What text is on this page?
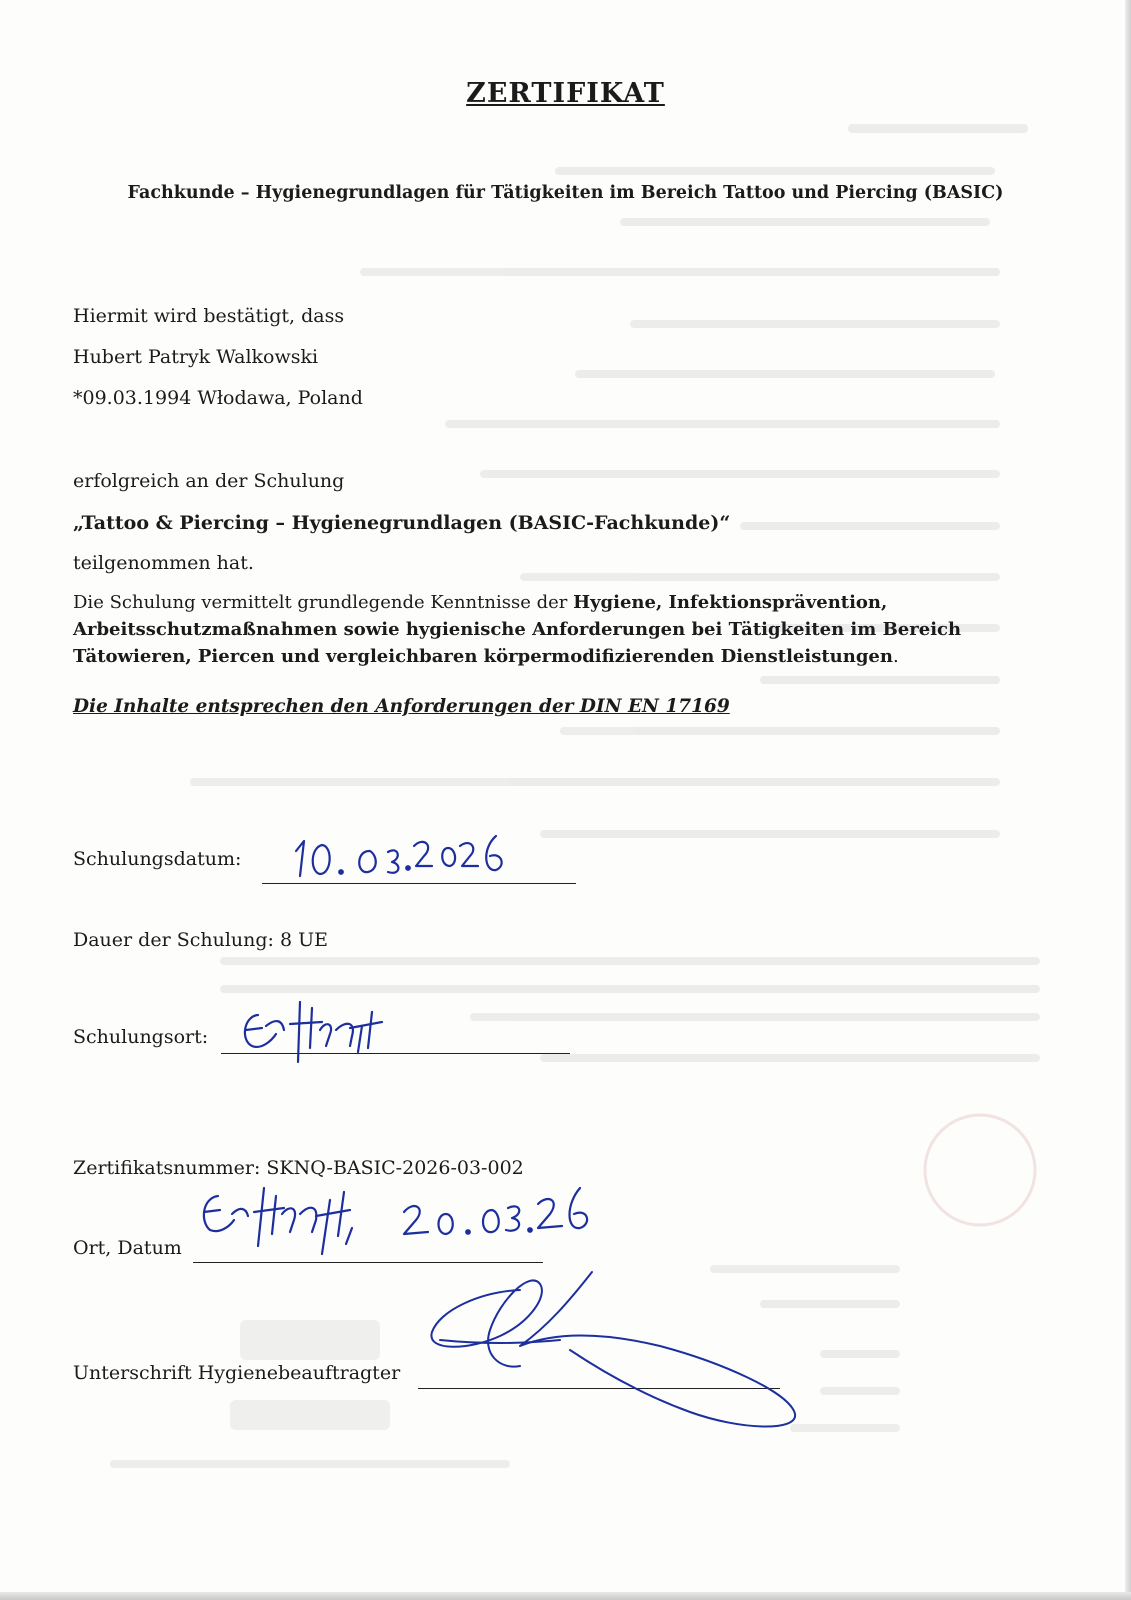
ZERTIFIKAT
Fachkunde – Hygienegrundlagen für Tätigkeiten im Bereich Tattoo und Piercing (BASIC)
Hiermit wird bestätigt, dass
Hubert Patryk Walkowski
*09.03.1994 Włodawa, Poland
erfolgreich an der Schulung
„Tattoo & Piercing – Hygienegrundlagen (BASIC-Fachkunde)“
teilgenommen hat.
Die Schulung vermittelt grundlegende Kenntnisse der Hygiene, Infektionsprävention, Arbeitsschutzmaßnahmen sowie hygienische Anforderungen bei Tätigkeiten im Bereich Tätowieren, Piercen und vergleichbaren körpermodifizierenden Dienstleistungen.
Die Inhalte entsprechen den Anforderungen der DIN EN 17169
Schulungsdatum:
Dauer der Schulung: 8 UE
Schulungsort:
Zertifikatsnummer: SKNQ-BASIC-2026-03-002
Ort, Datum
Unterschrift Hygienebeauftragter
